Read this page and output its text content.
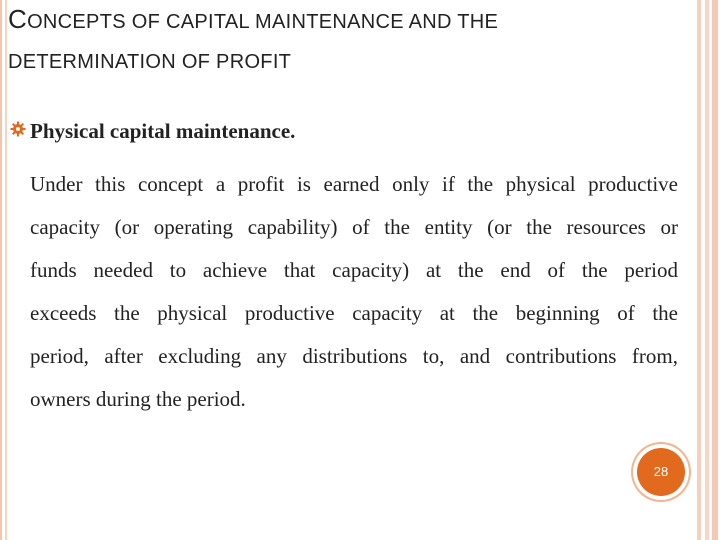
CONCEPTS OF CAPITAL MAINTENANCE AND THE
DETERMINATION OF PROFIT
Physical capital maintenance.
Under this concept a profit is earned only if the physical productive
capacity (or operating capability) of the entity (or the resources or
funds needed to achieve that capacity) at the end of the period
exceeds the physical productive capacity at the beginning of the
period, after excluding any distributions to, and contributions from,
owners during the period.
28
